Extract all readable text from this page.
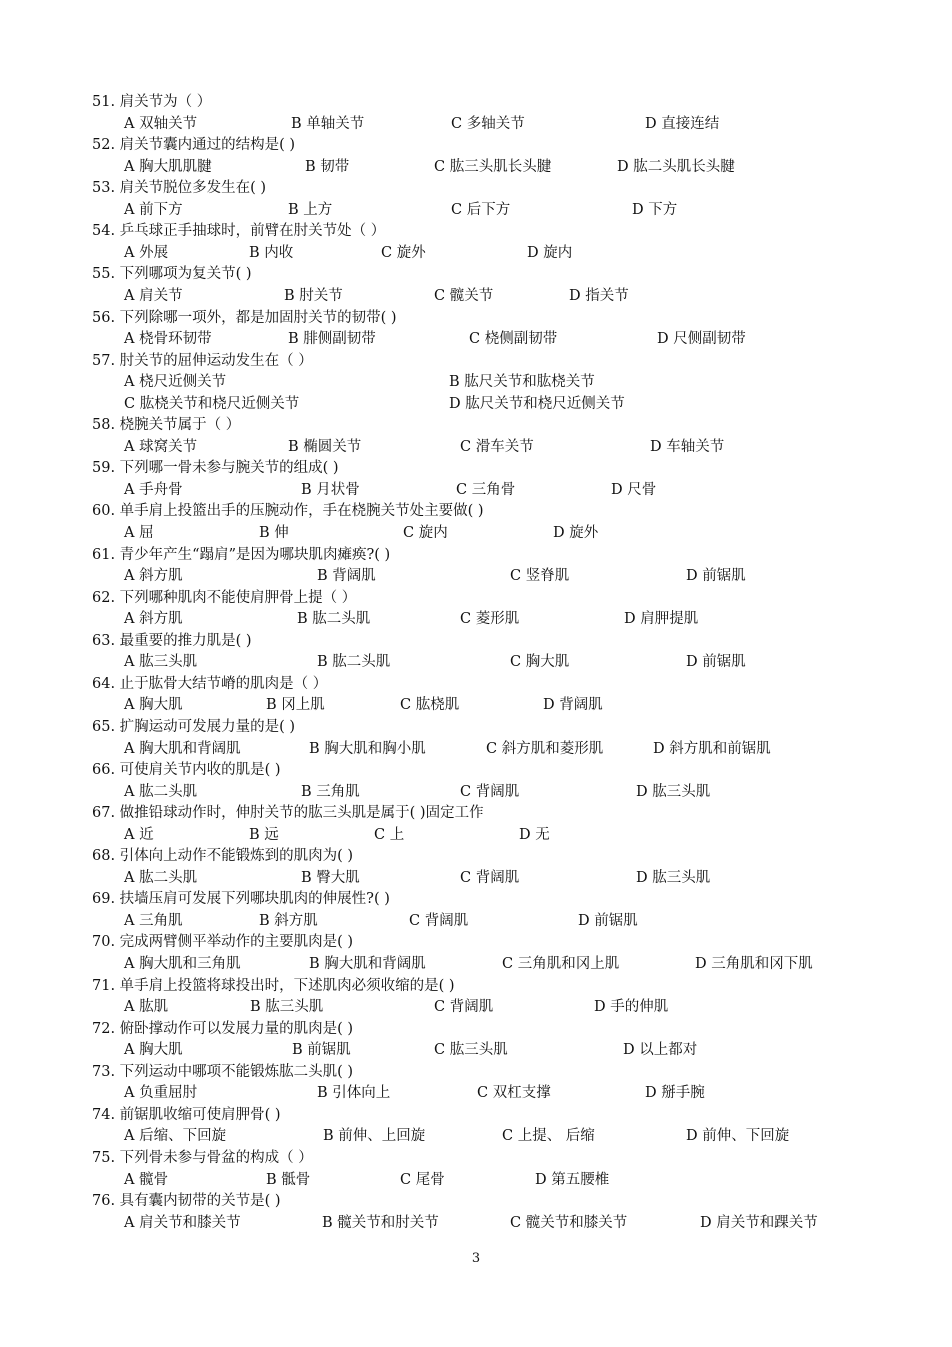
51. 肩关节为（ ）
A 双轴关节	B 单轴关节	C 多轴关节	D 直接连结
52. 肩关节囊内通过的结构是( )
A 胸大肌肌腱	B 韧带	C 肱三头肌长头腱	D 肱二头肌长头腱
53. 肩关节脱位多发生在( )
A 前下方	B 上方	C 后下方	D 下方
54. 乒乓球正手抽球时，前臂在肘关节处（ ）
A 外展	B 内收	C 旋外	D 旋内
55. 下列哪项为复关节( )
A 肩关节	B 肘关节	C 髋关节	D 指关节
56. 下列除哪一项外，都是加固肘关节的韧带( )
A 桡骨环韧带	B 腓侧副韧带	C 桡侧副韧带	D 尺侧副韧带
57. 肘关节的屈伸运动发生在（ ）
A 桡尺近侧关节	B 肱尺关节和肱桡关节
C 肱桡关节和桡尺近侧关节	D 肱尺关节和桡尺近侧关节
58. 桡腕关节属于（ ）
A 球窝关节	B 椭圆关节	C 滑车关节	D 车轴关节
59. 下列哪一骨未参与腕关节的组成( )
A 手舟骨	B 月状骨	C 三角骨	D 尺骨
60. 单手肩上投篮出手的压腕动作，手在桡腕关节处主要做( )
A 屈	B 伸	C 旋内	D 旋外
61. 青少年产生“蹋肩”是因为哪块肌肉瘫痪?( )
A 斜方肌	B 背阔肌	C 竖脊肌	D 前锯肌
62. 下列哪种肌肉不能使肩胛骨上提（ ）
A 斜方肌	B 肱二头肌	C 菱形肌	D 肩胛提肌
63. 最重要的推力肌是( )
A 肱三头肌	B 肱二头肌	C 胸大肌	D 前锯肌
64. 止于肱骨大结节嵴的肌肉是（ ）
A 胸大肌	B 冈上肌	C 肱桡肌	D 背阔肌
65. 扩胸运动可发展力量的是( )
A 胸大肌和背阔肌	B 胸大肌和胸小肌	C 斜方肌和菱形肌	D 斜方肌和前锯肌
66. 可使肩关节内收的肌是( )
A 肱二头肌	B 三角肌	C 背阔肌	D 肱三头肌
67. 做推铅球动作时，伸肘关节的肱三头肌是属于( )固定工作
A 近	B 远	C 上	D 无
68. 引体向上动作不能锻炼到的肌肉为( )
A 肱二头肌	B 臀大肌	C 背阔肌	D 肱三头肌
69. 扶墙压肩可发展下列哪块肌肉的伸展性?( )
A 三角肌	B 斜方肌	C 背阔肌	D 前锯肌
70. 完成两臂侧平举动作的主要肌肉是( )
A 胸大肌和三角肌	B 胸大肌和背阔肌	C 三角肌和冈上肌	D 三角肌和冈下肌
71. 单手肩上投篮将球投出时，下述肌肉必须收缩的是( )
A 肱肌	B 肱三头肌	C 背阔肌	D 手的伸肌
72. 俯卧撑动作可以发展力量的肌肉是( )
A 胸大肌	B 前锯肌	C 肱三头肌	D 以上都对
73. 下列运动中哪项不能锻炼肱二头肌( )
A 负重屈肘	B 引体向上	C 双杠支撑	D 掰手腕
74. 前锯肌收缩可使肩胛骨( )
A 后缩、下回旋	B 前伸、上回旋	C 上提、 后缩	D 前伸、下回旋
75. 下列骨未参与骨盆的构成（ ）
A 髋骨	B 骶骨	C 尾骨	D 第五腰椎
76. 具有囊内韧带的关节是( )
A 肩关节和膝关节	B 髋关节和肘关节	C 髋关节和膝关节	D 肩关节和踝关节
3
